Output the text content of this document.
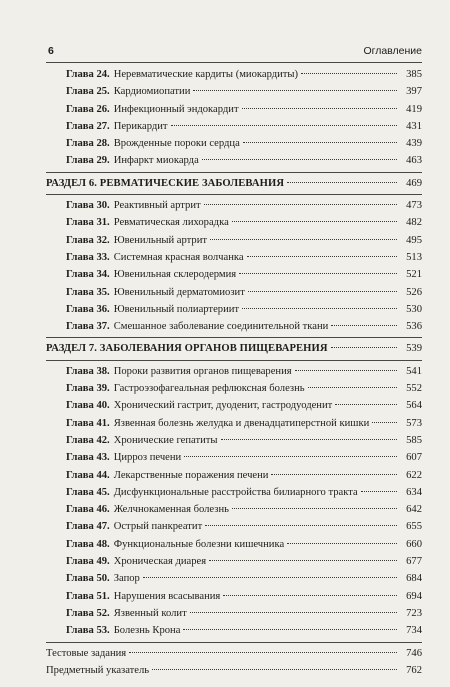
6	Оглавление
Глава 24. Неревматические кардиты (миокардиты)	385
Глава 25. Кардиомиопатии	397
Глава 26. Инфекционный эндокардит	419
Глава 27. Перикардит	431
Глава 28. Врожденные пороки сердца	439
Глава 29. Инфаркт миокарда	463
РАЗДЕЛ 6. РЕВМАТИЧЕСКИЕ ЗАБОЛЕВАНИЯ	469
Глава 30. Реактивный артрит	473
Глава 31. Ревматическая лихорадка	482
Глава 32. Ювенильный артрит	495
Глава 33. Системная красная волчанка	513
Глава 34. Ювенильная склеродермия	521
Глава 35. Ювенильный дерматомиозит	526
Глава 36. Ювенильный полиартериит	530
Глава 37. Смешанное заболевание соединительной ткани	536
РАЗДЕЛ 7. ЗАБОЛЕВАНИЯ ОРГАНОВ ПИЩЕВАРЕНИЯ	539
Глава 38. Пороки развития органов пищеварения	541
Глава 39. Гастроэзофагеальная рефлюксная болезнь	552
Глава 40. Хронический гастрит, дуоденит, гастродуоденит	564
Глава 41. Язвенная болезнь желудка и двенадцатиперстной кишки	573
Глава 42. Хронические гепатиты	585
Глава 43. Цирроз печени	607
Глава 44. Лекарственные поражения печени	622
Глава 45. Дисфункциональные расстройства билиарного тракта	634
Глава 46. Желчнокаменная болезнь	642
Глава 47. Острый панкреатит	655
Глава 48. Функциональные болезни кишечника	660
Глава 49. Хроническая диарея	677
Глава 50. Запор	684
Глава 51. Нарушения всасывания	694
Глава 52. Язвенный колит	723
Глава 53. Болезнь Крона	734
Тестовые задания	746
Предметный указатель	762
